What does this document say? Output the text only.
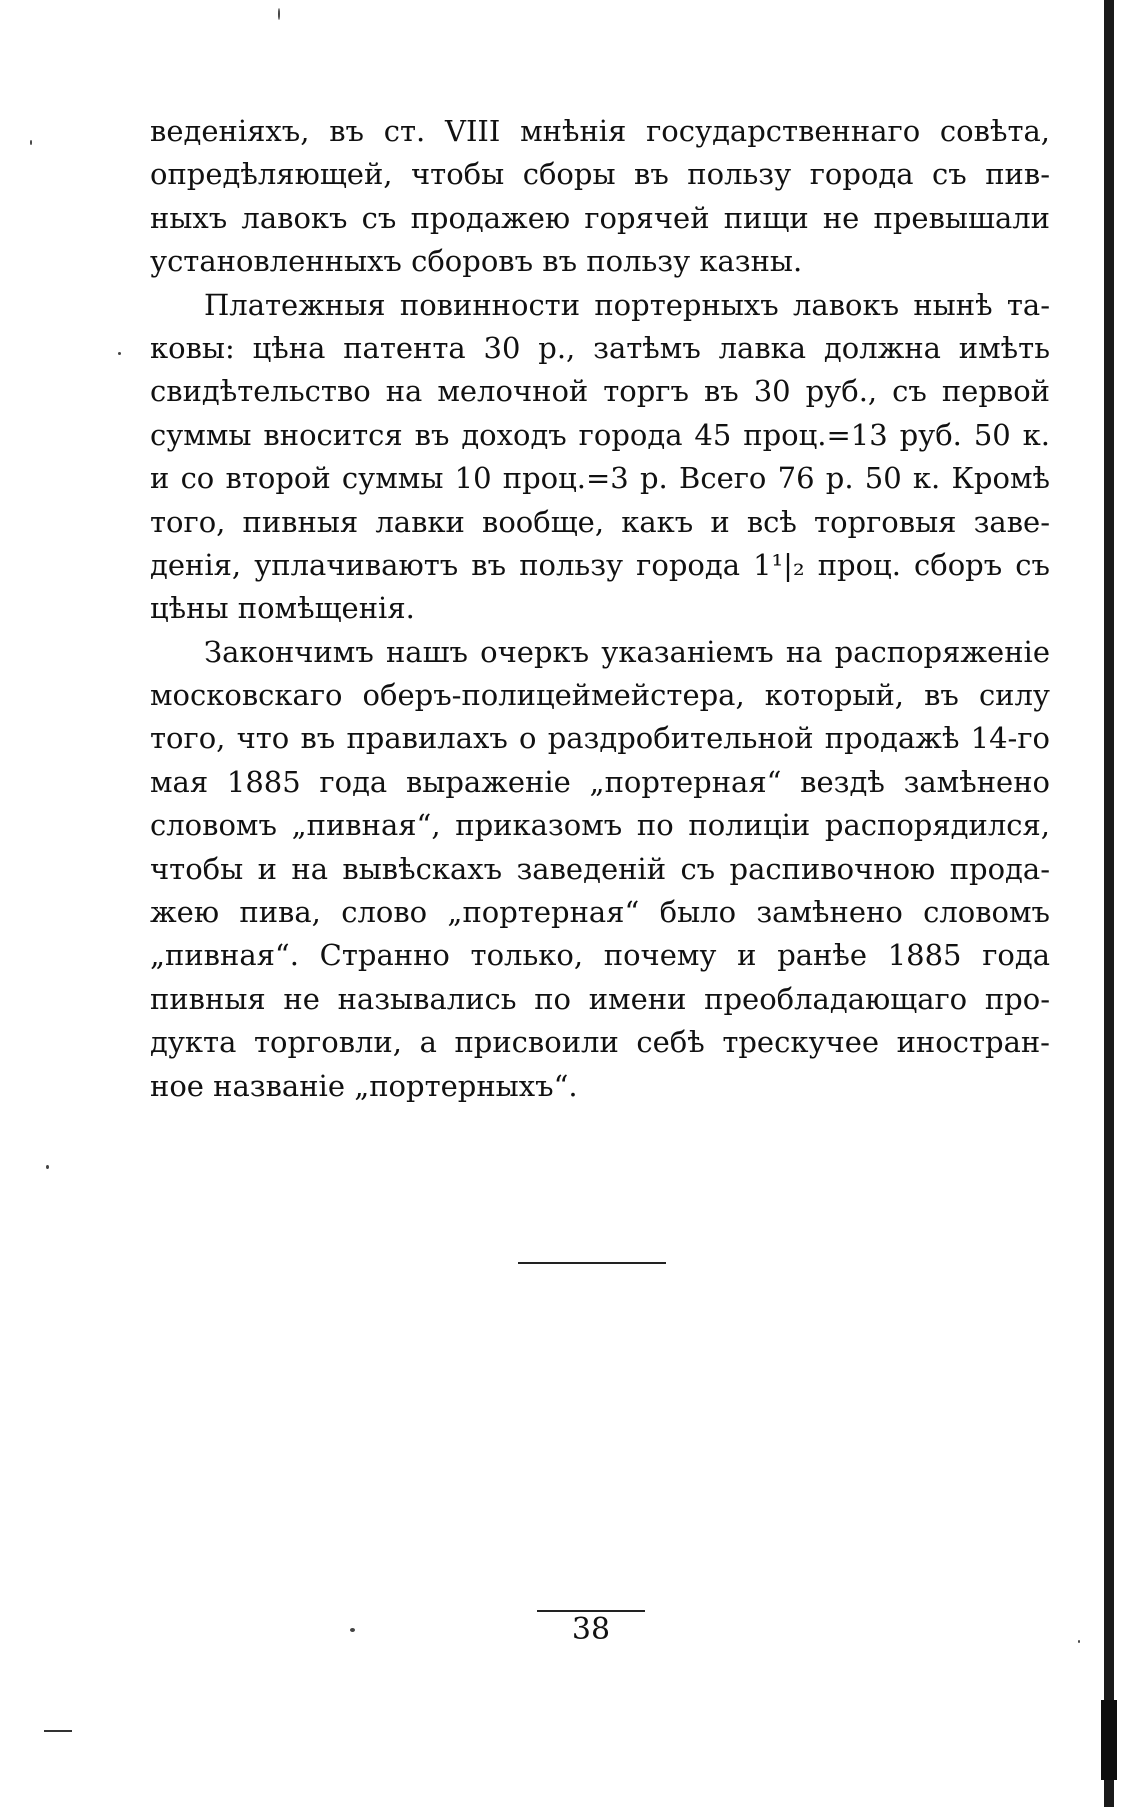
веденіяхъ, въ ст. VIII мнѣнія государственнаго совѣта,
опредѣляющей, чтобы сборы въ пользу города съ пив-
ныхъ лавокъ съ продажею горячей пищи не превышали
установленныхъ сборовъ въ пользу казны.
Платежныя повинности портерныхъ лавокъ нынѣ та-
ковы: цѣна патента 30 р., затѣмъ лавка должна имѣть
свидѣтельство на мелочной торгъ въ 30 руб., съ первой
суммы вносится въ доходъ города 45 проц.=13 руб. 50 к.
и со второй суммы 10 проц.=3 р. Всего 76 р. 50 к. Кромѣ
того, пивныя лавки вообще, какъ и всѣ торговыя заве-
денія, уплачиваютъ въ пользу города 1¹|₂ проц. сборъ съ
цѣны помѣщенія.
Закончимъ нашъ очеркъ указаніемъ на распоряженіе
московскаго оберъ-полицеймейстера, который, въ силу
того, что въ правилахъ о раздробительной продажѣ 14-го
мая 1885 года выраженіе „портерная“ вездѣ замѣнено
словомъ „пивная“, приказомъ по полиціи распорядился,
чтобы и на вывѣскахъ заведеній съ распивочною прода-
жею пива, слово „портерная“ было замѣнено словомъ
„пивная“. Странно только, почему и ранѣе 1885 года
пивныя не назывались по имени преобладающаго про-
дукта торговли, а присвоили себѣ трескучее иностран-
ное названіе „портерныхъ“.
38
